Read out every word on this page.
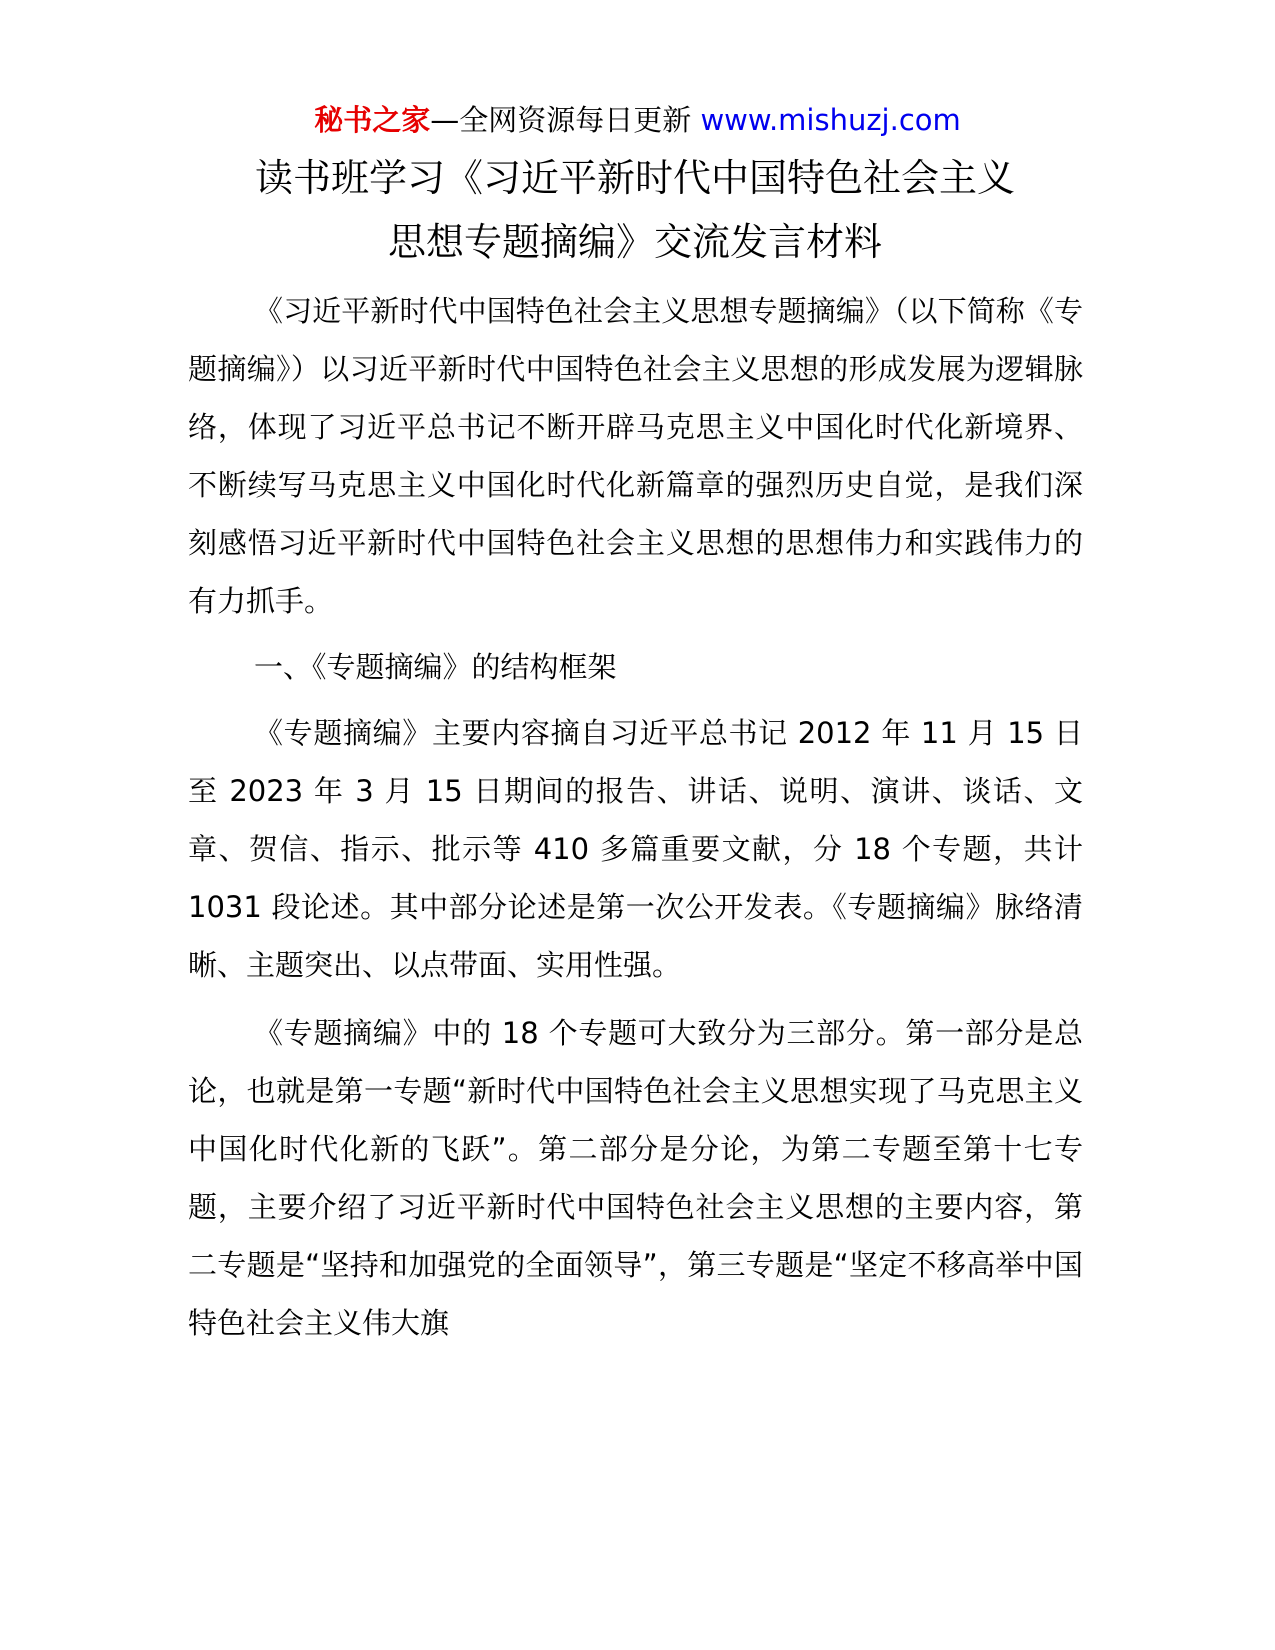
秘书之家—全网资源每日更新 www.mishuzj.com
读书班学习《习近平新时代中国特色社会主义
思想专题摘编》交流发言材料

《习近平新时代中国特色社会主义思想专题摘编》（以下简称《专题摘编》）以习近平新时代中国特色社会主义思想的形成发展为逻辑脉络，体现了习近平总书记不断开辟马克思主义中国化时代化新境界、不断续写马克思主义中国化时代化新篇章的强烈历史自觉，是我们深刻感悟习近平新时代中国特色社会主义思想的思想伟力和实践伟力的有力抓手。

一、《专题摘编》的结构框架

《专题摘编》主要内容摘自习近平总书记 2012 年 11 月 15 日至 2023 年 3 月 15 日期间的报告、讲话、说明、演讲、谈话、文章、贺信、指示、批示等 410 多篇重要文献，分 18 个专题，共计 1031 段论述。其中部分论述是第一次公开发表。《专题摘编》脉络清晰、主题突出、以点带面、实用性强。

《专题摘编》中的 18 个专题可大致分为三部分。第一部分是总论，也就是第一专题“新时代中国特色社会主义思想实现了马克思主义中国化时代化新的飞跃”。第二部分是分论，为第二专题至第十七专题，主要介绍了习近平新时代中国特色社会主义思想的主要内容，第二专题是“坚持和加强党的全面领导”，第三专题是“坚定不移高举中国特色社会主义伟大旗
